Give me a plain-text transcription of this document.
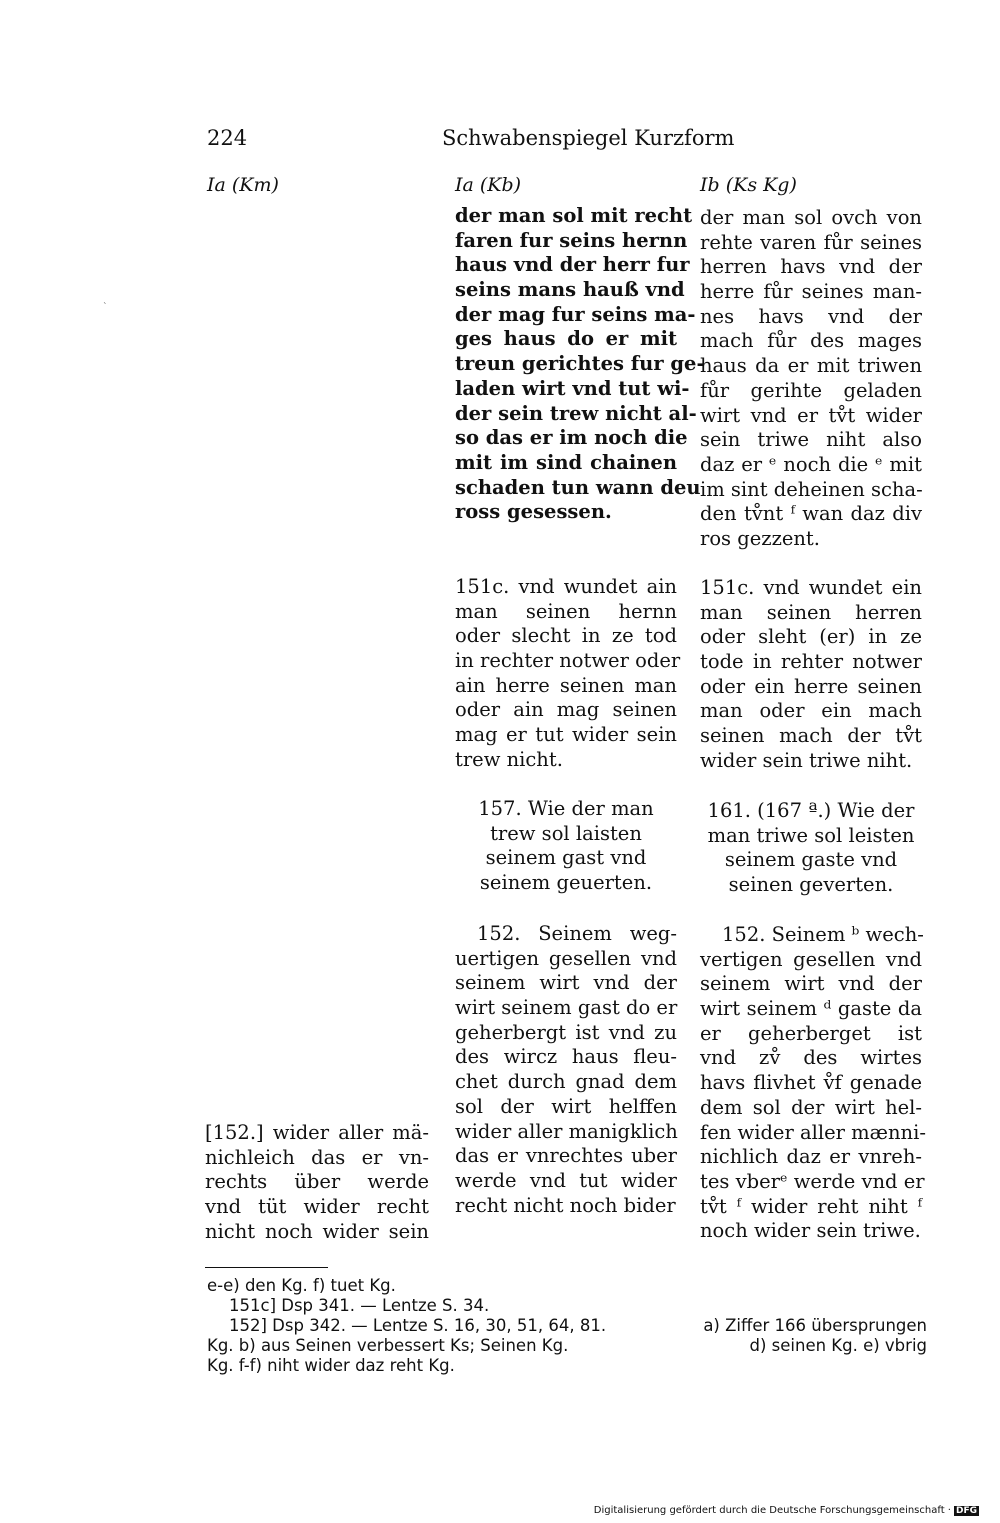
224	Schwabenspiegel Kurzform
`
Ia (Km)	Ia (Kb)	Ib (Ks Kg)
der man sol mit recht
faren fur seins hernn
haus vnd der herr fur
seins mans hauß vnd
der mag fur seins ma-
ges haus do er mit
treun gerichtes fur ge-
laden wirt vnd tut wi-
der sein trew nicht al-
so das er im noch die
mit im sind chainen
schaden tun wann deu
ross gesessen.
151c. vnd wundet ain
man seinen hernn
oder slecht in ze tod
in rechter notwer oder
ain herre seinen man
oder ain mag seinen
mag er tut wider sein
trew nicht.
157. Wie der man
trew sol laisten
seinem gast vnd
seinem geuerten.
152. Seinem weg-
uertigen gesellen vnd
seinem wirt vnd der
wirt seinem gast do er
geherbergt ist vnd zu
des wircz haus fleu-
chet durch gnad dem
sol der wirt helffen
wider aller manigklich
das er vnrechtes uber
werde vnd tut wider
recht nicht noch bider
der man sol ovch von
rehte varen fůr seines
herren havs vnd der
herre fůr seines man-
nes havs vnd der
mach fůr des mages
haus da er mit triwen
fůr gerihte geladen
wirt vnd er tv̊t wider
sein triwe niht also
daz er ᵉ noch die ᵉ mit
im sint deheinen scha-
den tv̊nt ᶠ wan daz div
ros gezzent.
151c. vnd wundet ein
man seinen herren
oder sleht (er) in ze
tode in rehter notwer
oder ein herre seinen
man oder ein mach
seinen mach der tv̊t
wider sein triwe niht.
161. (167 ª.) Wie der
man triwe sol leisten
seinem gaste vnd
seinen geverten.
152. Seinem ᵇ wech-
vertigen gesellen vnd
seinem wirt vnd der
wirt seinem ᵈ gaste da
er geherberget ist
vnd zv̊ des wirtes
havs flivhet v̊f genade
dem sol der wirt hel-
fen wider aller mænni-
nichlich daz er vnreh-
tes vberᵉ werde vnd er
tv̊t ᶠ wider reht niht ᶠ
noch wider sein triwe.
[152.] wider aller mä-
nichleich das er vn-
rechts über werde
vnd tüt wider recht
nicht noch wider sein
e-e) den Kg. f) tuet Kg.
151c] Dsp 341. — Lentze S. 34.
152] Dsp 342. — Lentze S. 16, 30, 51, 64, 81.	a) Ziffer 166 übersprungen
Kg. b) aus Seinen verbessert Ks; Seinen Kg.	d) seinen Kg. e) vbrig
Kg. f-f) niht wider daz reht Kg.
Digitalisierung gefördert durch die Deutsche Forschungsgemeinschaft · DFG
